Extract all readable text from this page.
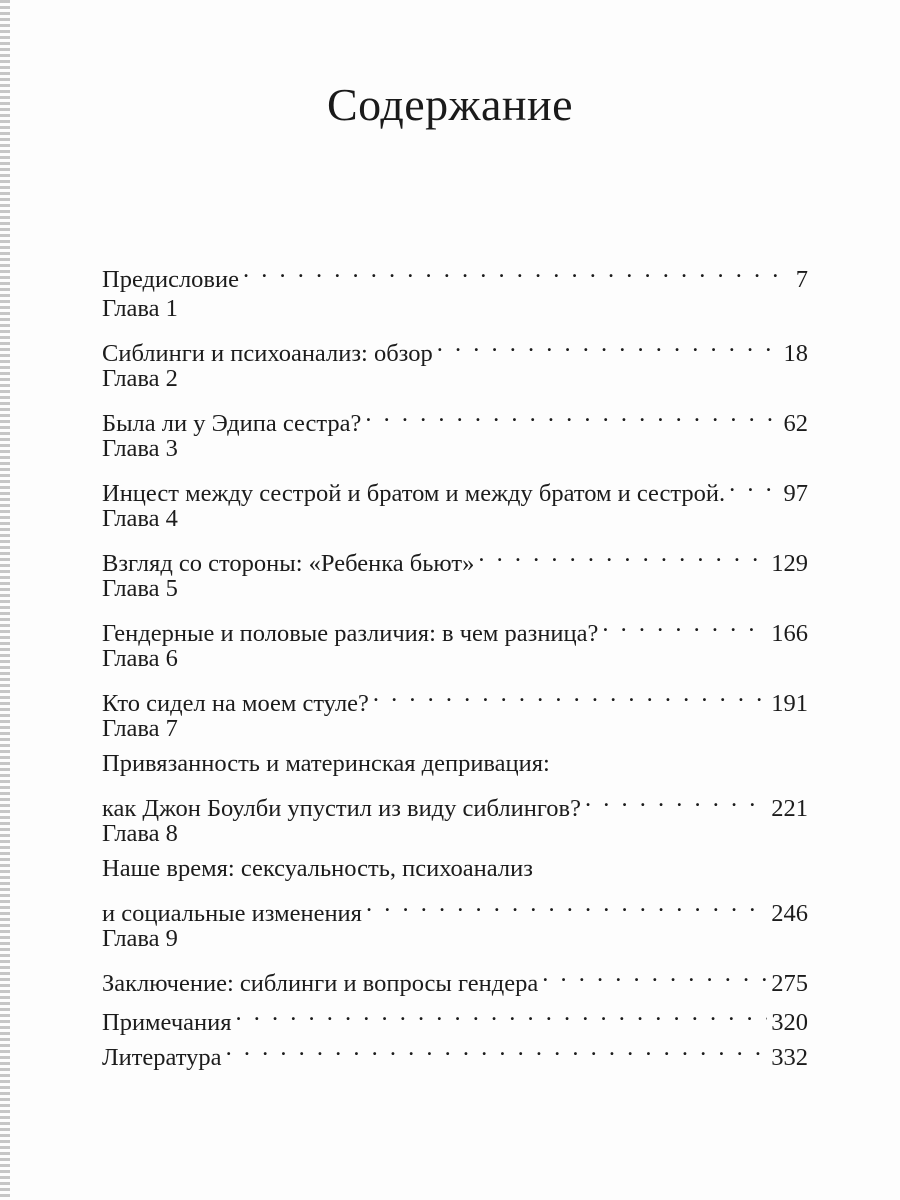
Содержание
Предисловие . . .	7
Глава 1
Сиблинги и психоанализ: обзор . . .	18
Глава 2
Была ли у Эдипа сестра? . . .	62
Глава 3
Инцест между сестрой и братом и между братом и сестрой. . . . 97
Глава 4
Взгляд со стороны: «Ребенка бьют» . . .	129
Глава 5
Гендерные и половые различия: в чем разница? . . .	166
Глава 6
Кто сидел на моем стуле? . . .	191
Глава 7
Привязанность и материнская депривация:
как Джон Боулби упустил из виду сиблингов? . . .	221
Глава 8
Наше время: сексуальность, психоанализ
и социальные изменения . . .	246
Глава 9
Заключение: сиблинги и вопросы гендера . . .	275
Примечания . . .	320
Литература . . .	332
